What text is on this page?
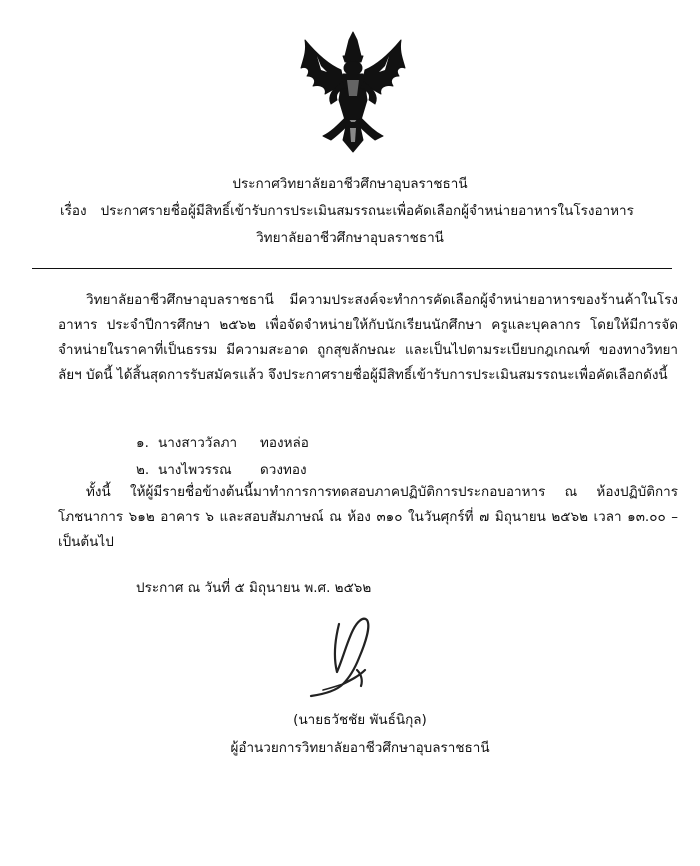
ประกาศวิทยาลัยอาชีวศึกษาอุบลราชธานี
เรื่อง ประกาศรายชื่อผู้มีสิทธิ์เข้ารับการประเมินสมรรถนะเพื่อคัดเลือกผู้จำหน่ายอาหารในโรงอาหาร
วิทยาลัยอาชีวศึกษาอุบลราชธานี
วิทยาลัยอาชีวศึกษาอุบลราชธานี มีความประสงค์จะทำการคัดเลือกผู้จำหน่ายอาหารของร้านค้าในโรงอาหาร ประจำปีการศึกษา ๒๕๖๒ เพื่อจัดจำหน่ายให้กับนักเรียนนักศึกษา ครูและบุคลากร โดยให้มีการจัดจำหน่ายในราคาที่เป็นธรรม มีความสะอาด ถูกสุขลักษณะ และเป็นไปตามระเบียบกฎเกณฑ์ ของทางวิทยาลัยฯ บัดนี้ ได้สิ้นสุดการรับสมัครแล้ว จึงประกาศรายชื่อผู้มีสิทธิ์เข้ารับการประเมินสมรรถนะเพื่อคัดเลือกดังนี้
๑. นางสาววัลภา ทองหล่อ
๒. นางไพวรรณ ดวงทอง
ทั้งนี้ ให้ผู้มีรายชื่อข้างต้นนี้มาทำการการทดสอบภาคปฏิบัติการประกอบอาหาร ณ ห้องปฏิบัติการโภชนาการ ๖๑๒ อาคาร ๖ และสอบสัมภาษณ์ ณ ห้อง ๓๑๐ ในวันศุกร์ที่ ๗ มิถุนายน ๒๕๖๒ เวลา ๑๓.๐๐ – เป็นต้นไป
ประกาศ ณ วันที่ ๕ มิถุนายน พ.ศ. ๒๕๖๒
(นายธวัชชัย พันธ์นิกุล)
ผู้อำนวยการวิทยาลัยอาชีวศึกษาอุบลราชธานี
